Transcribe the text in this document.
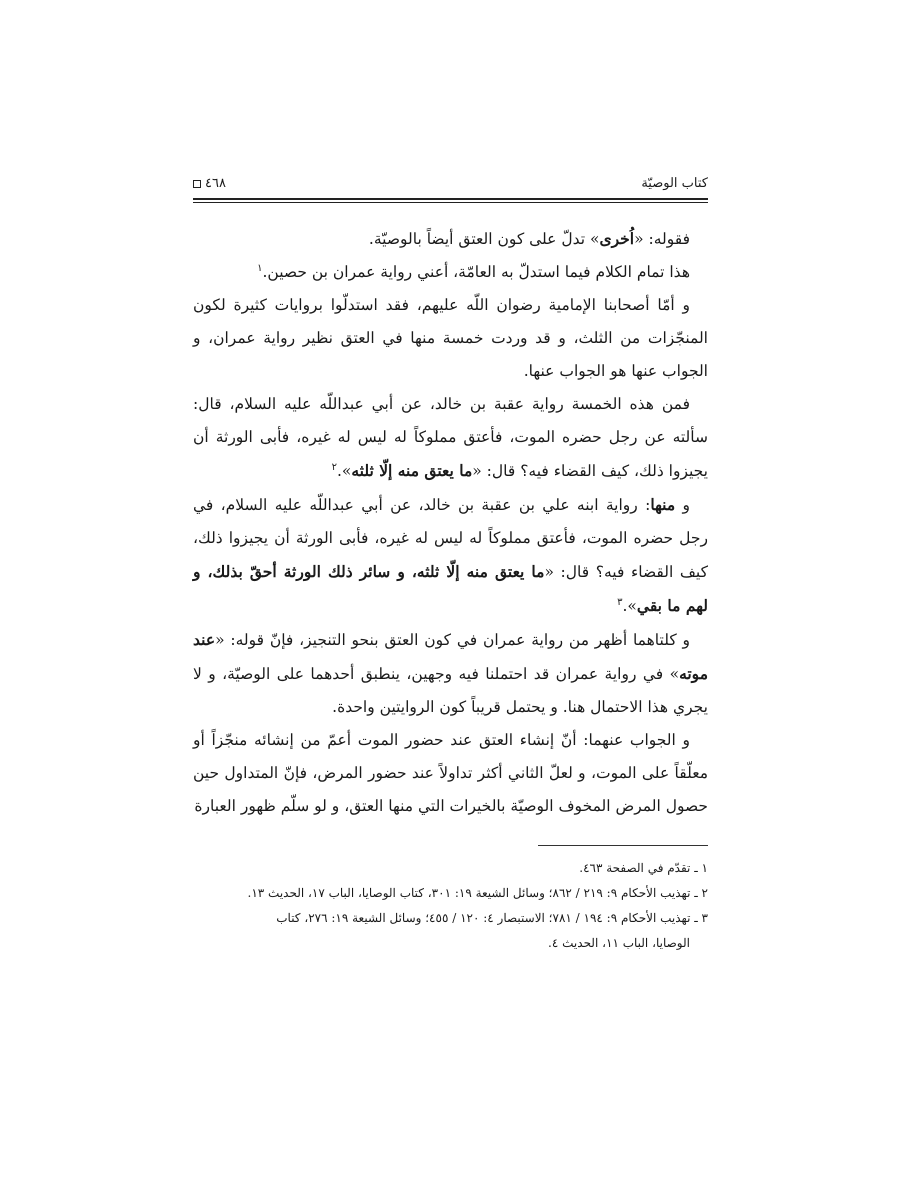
كتاب الوصيّة
٤٦٨

فقوله: «اُخرى» تدلّ على كون العتق أيضاً بالوصيّة.

هذا تمام الكلام فيما استدلّ به العامّة، أعني رواية عمران بن حصين.$^١$

و أمّا أصحابنا الإمامية رضوان اللّه عليهم، فقد استدلّوا بروايات كثيرة لكون المنجّزات من الثلث، و قد وردت خمسة منها في العتق نظير رواية عمران، و الجواب عنها هو الجواب عنها.

فمن هذه الخمسة رواية عقبة بن خالد، عن أبي عبداللّه عليه السلام، قال: سألته عن رجل حضره الموت، فأعتق مملوكاً له ليس له غيره، فأبى الورثة أن يجيزوا ذلك، كيف القضاء فيه؟ قال: «ما يعتق منه إلّا ثلثه».$^٢$

و منها: رواية ابنه علي بن عقبة بن خالد، عن أبي عبداللّه عليه السلام، في رجل حضره الموت، فأعتق مملوكاً له ليس له غيره، فأبى الورثة أن يجيزوا ذلك، كيف القضاء فيه؟ قال: «ما يعتق منه إلّا ثلثه، و سائر ذلك الورثة أحقّ بذلك، و لهم ما بقي».$^٣$

و كلتاهما أظهر من رواية عمران في كون العتق بنحو التنجيز، فإنّ قوله: «عند موته» في رواية عمران قد احتملنا فيه وجهين، ينطبق أحدهما على الوصيّة، و لا يجري هذا الاحتمال هنا. و يحتمل قريباً كون الروايتين واحدة.

و الجواب عنهما: أنّ إنشاء العتق عند حضور الموت أعمّ من إنشائه منجّزاً أو معلّقاً على الموت، و لعلّ الثاني أكثر تداولاً عند حضور المرض، فإنّ المتداول حين حصول المرض المخوف الوصيّة بالخيرات التي منها العتق، و لو سلّم ظهور العبارة

١ ـ تقدّم في الصفحة ٤٦٣.

٢ ـ تهذيب الأحكام ٩: ٢١٩ / ٨٦٢؛ وسائل الشيعة ١٩: ٣٠١، كتاب الوصايا، الباب ١٧، الحديث ١٣.

٣ ـ تهذيب الأحكام ٩: ١٩٤ / ٧٨١؛ الاستبصار ٤: ١٢٠ / ٤٥٥؛ وسائل الشيعة ١٩: ٢٧٦، كتاب

الوصايا، الباب ١١، الحديث ٤.
